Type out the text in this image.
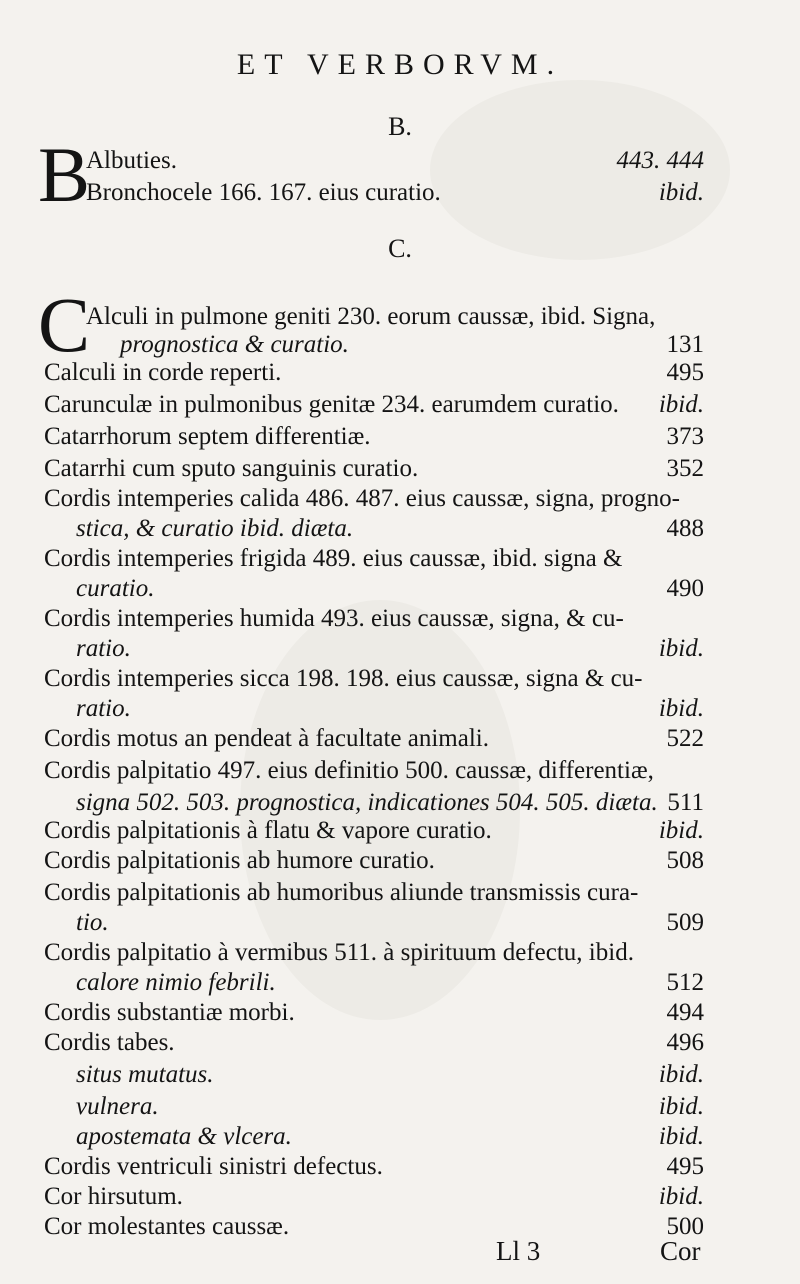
ET VERBORVM.
B.
B
Albuties.	443. 444
Bronchocele 166. 167. eius curatio.	ibid.
C.
C
Alculi in pulmone geniti 230. eorum caussæ, ibid. Signa,
prognostica & curatio.	131
Calculi in corde reperti.	495
Carunculæ in pulmonibus genitæ 234. earumdem curatio. ibid.
Catarrhorum septem differentiæ.	373
Catarrhi cum sputo sanguinis curatio.	352
Cordis intemperies calida 486. 487. eius caussæ, signa, progno-
stica, & curatio ibid. diæta.	488
Cordis intemperies frigida 489. eius caussæ, ibid. signa &
curatio.	490
Cordis intemperies humida 493. eius caussæ, signa, & cu-
ratio.	ibid.
Cordis intemperies sicca 198. 198. eius caussæ, signa & cu-
ratio.	ibid.
Cordis motus an pendeat à facultate animali.	522
Cordis palpitatio 497. eius definitio 500. caussæ, differentiæ,
signa 502. 503. prognostica, indicationes 504. 505. diæta. 511
Cordis palpitationis à flatu & vapore curatio.	ibid.
Cordis palpitationis ab humore curatio.	508
Cordis palpitationis ab humoribus aliunde transmissis cura-
tio.	509
Cordis palpitatio à vermibus 511. à spirituum defectu, ibid.
calore nimio febrili.	512
Cordis substantiæ morbi.	494
Cordis tabes.	496
situs mutatus.	ibid.
vulnera.	ibid.
apostemata & vlcera.	ibid.
Cordis ventriculi sinistri defectus.	495
Cor hirsutum.	ibid.
Cor molestantes caussæ.	500
Ll 3	Cor
